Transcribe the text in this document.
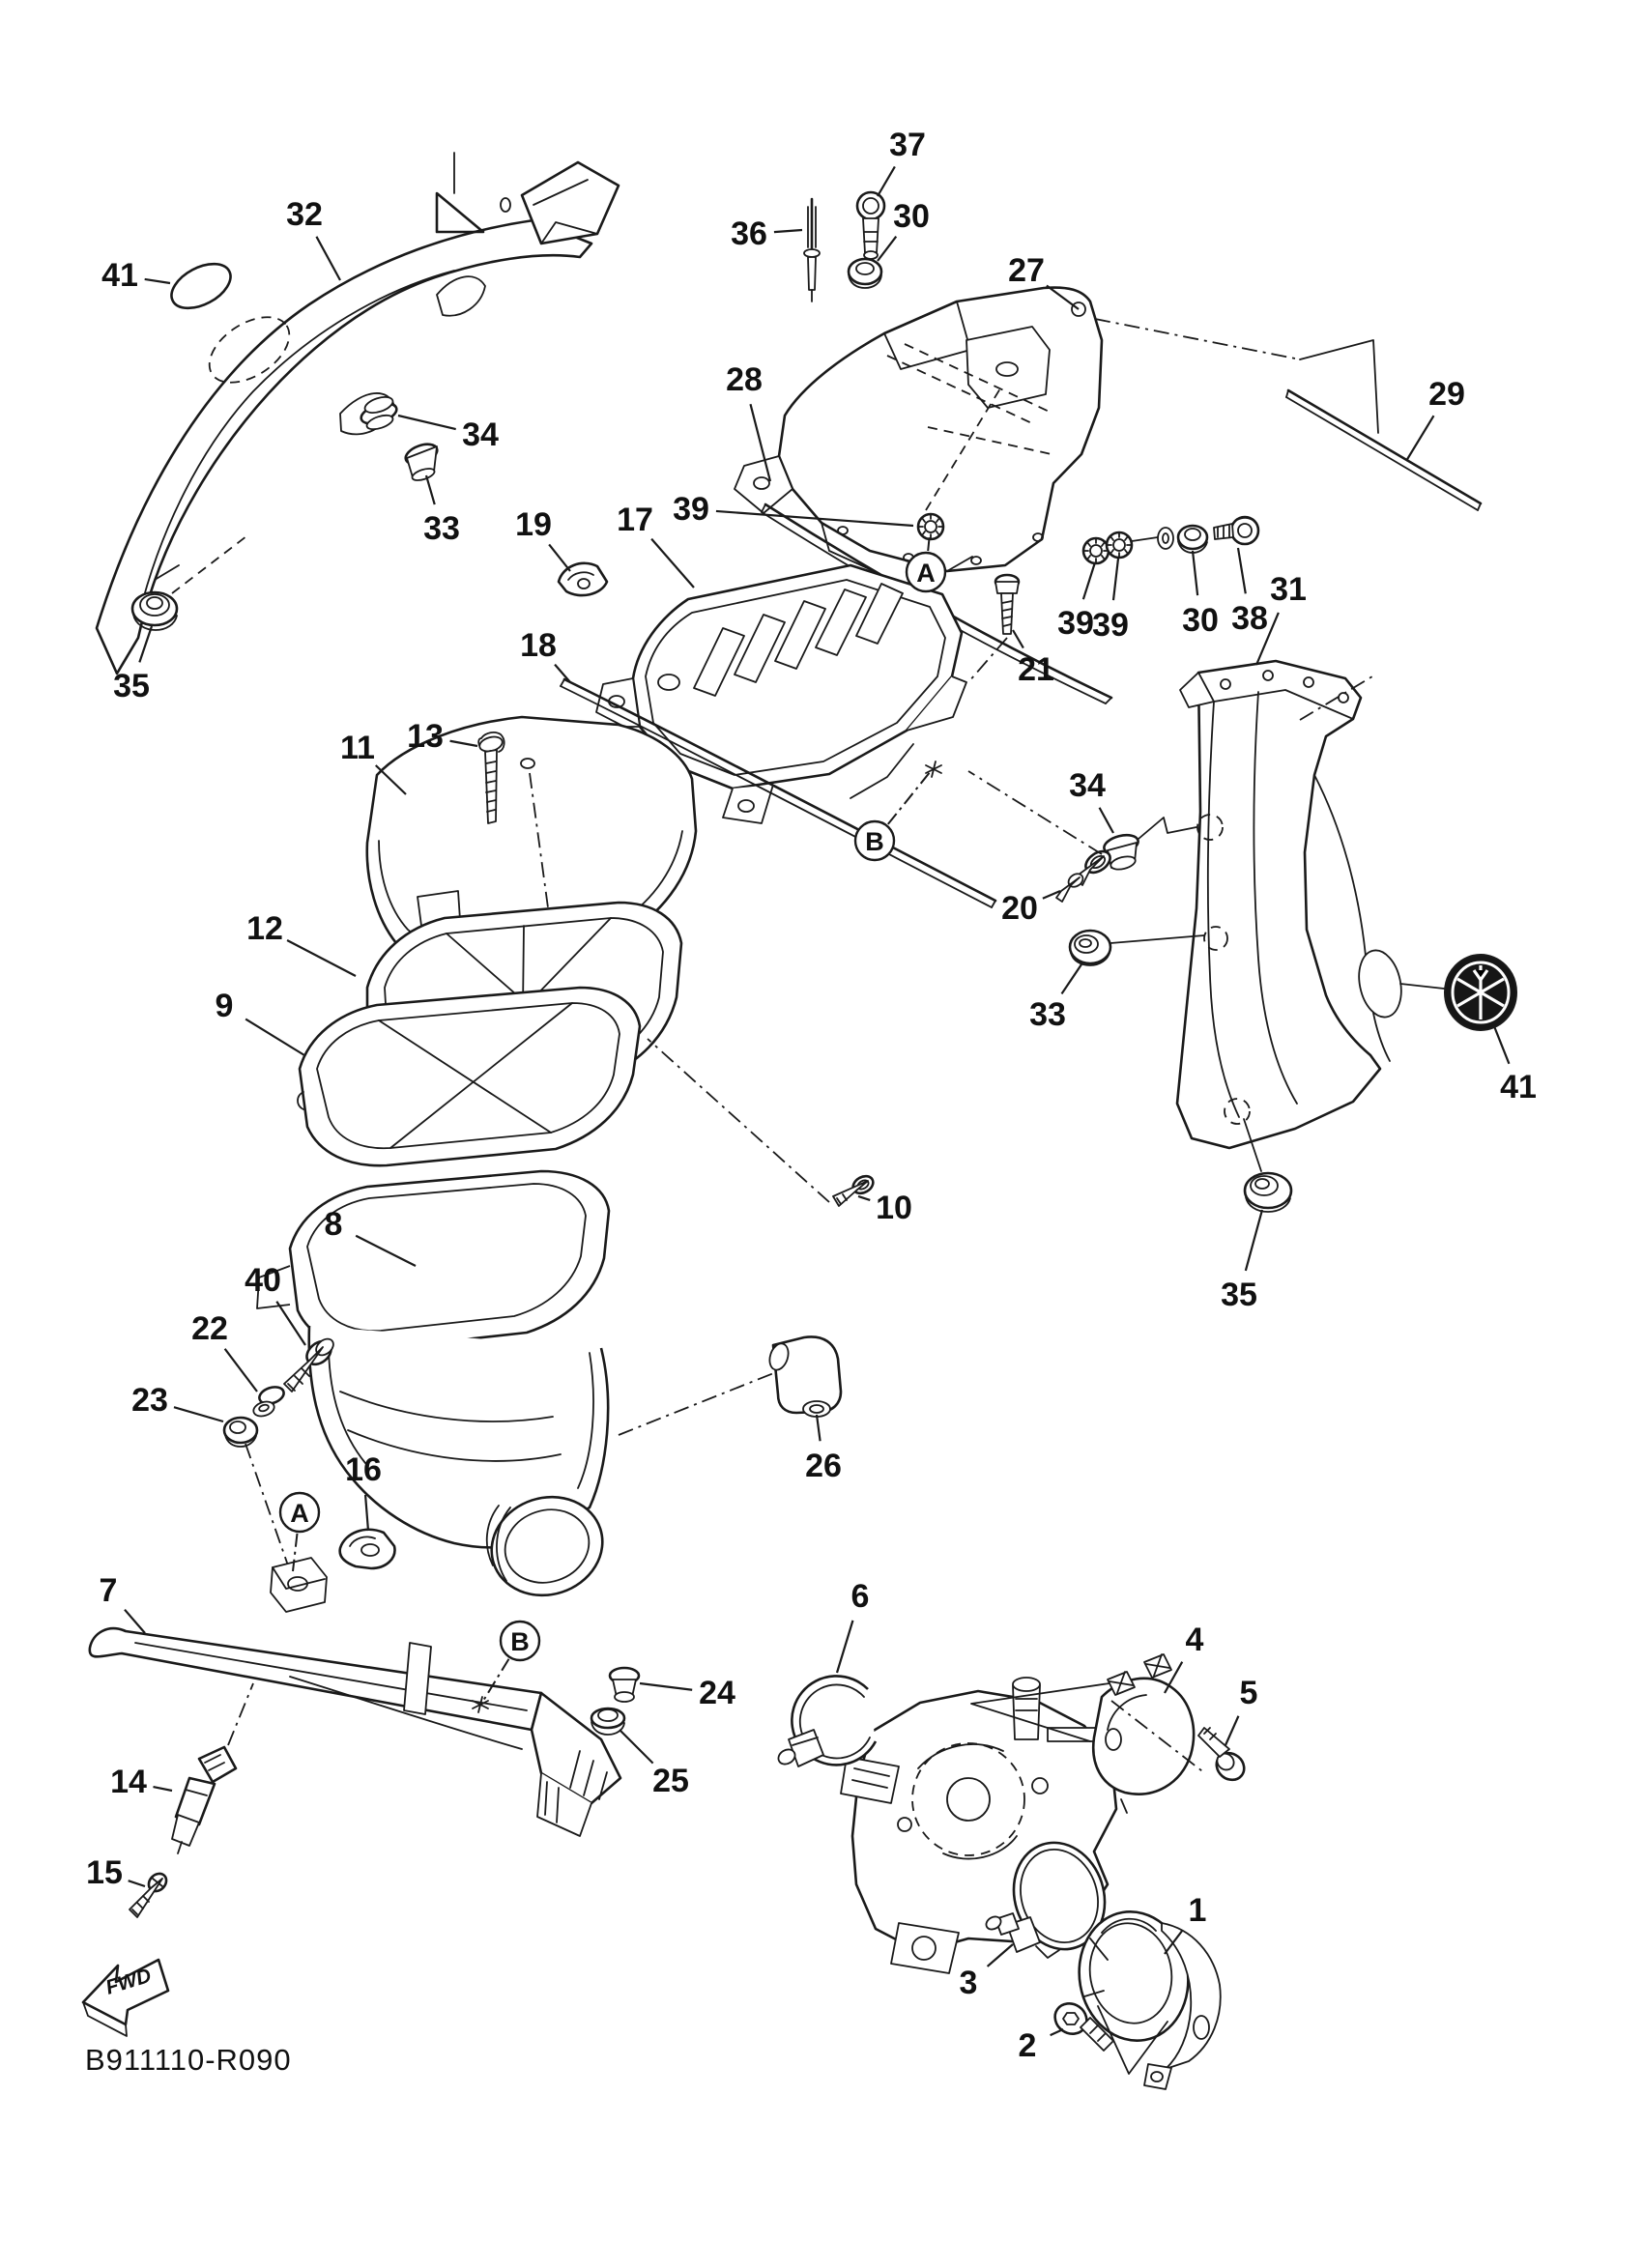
FWD
B911110-R090
1
2
3
4
5
6
7
8
9
10
11
12
13
14
15
16
17
18
19
20
21
22
23
24
25
26
27
28	29
30
30
31
32
33
33
34
34
35
35
36
37
38
39
39
39
40
41
41
A
A
B
B
